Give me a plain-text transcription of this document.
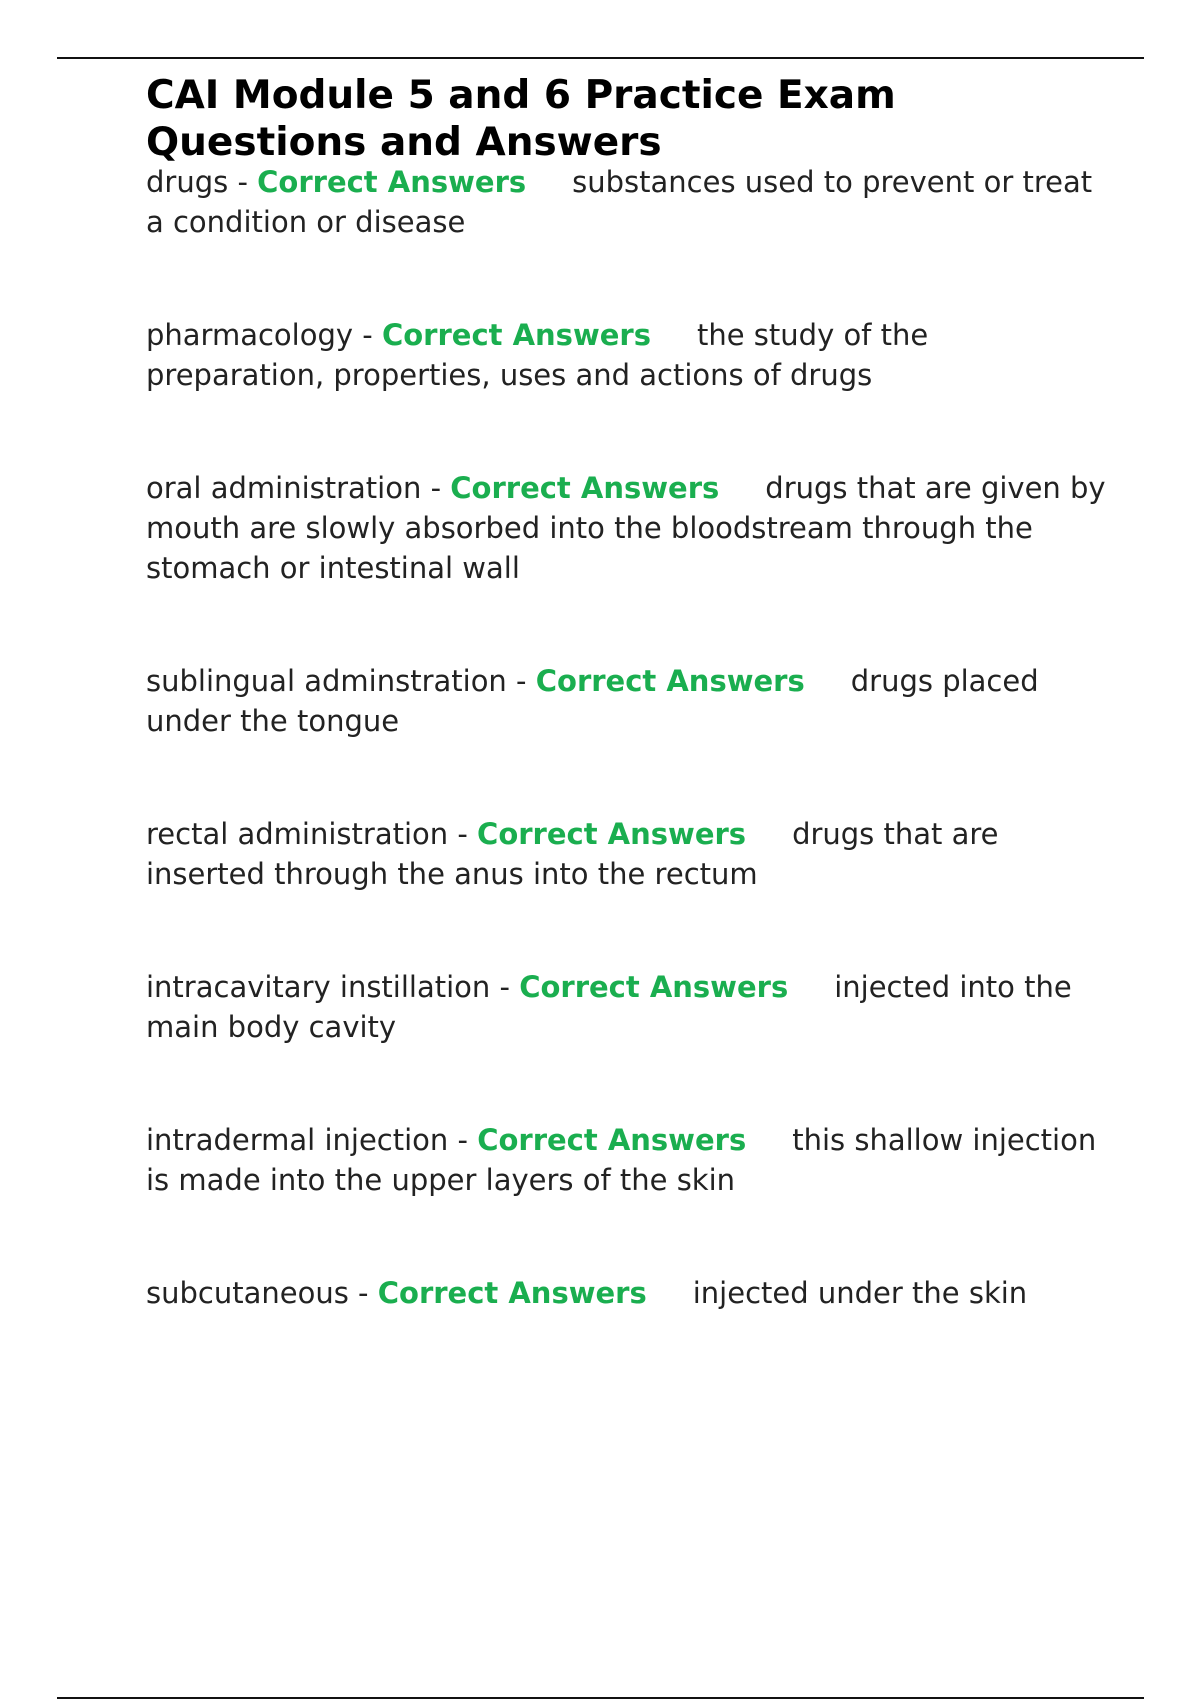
CAI Module 5 and 6 Practice Exam Questions and Answers

drugs - Correct Answers substances used to prevent or treat a condition or disease

pharmacology - Correct Answers the study of the preparation, properties, uses and actions of drugs

oral administration - Correct Answers drugs that are given by mouth are slowly absorbed into the bloodstream through the stomach or intestinal wall

sublingual adminstration - Correct Answers drugs placed under the tongue

rectal administration - Correct Answers drugs that are inserted through the anus into the rectum

intracavitary instillation - Correct Answers injected into the main body cavity

intradermal injection - Correct Answers this shallow injection is made into the upper layers of the skin

subcutaneous - Correct Answers injected under the skin
